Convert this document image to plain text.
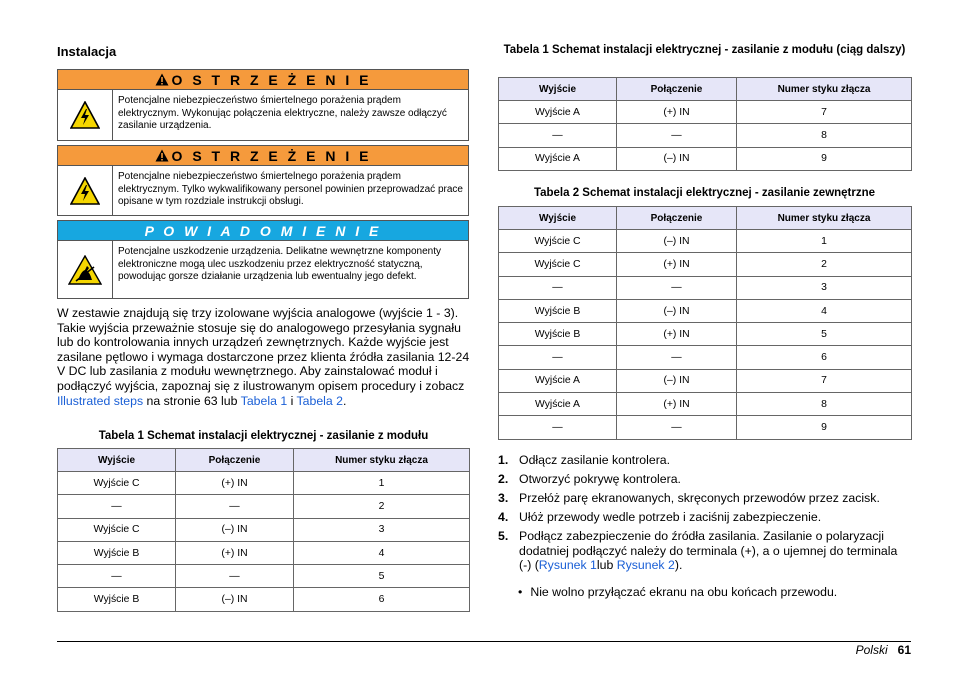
Instalacja
O S T R Z E Ż E N I E
Potencjalne niebezpieczeństwo śmiertelnego porażenia prądem elektrycznym. Wykonując połączenia elektryczne, należy zawsze odłączyć zasilanie urządzenia.
O S T R Z E Ż E N I E
Potencjalne niebezpieczeństwo śmiertelnego porażenia prądem elektrycznym. Tylko wykwalifikowany personel powinien przeprowadzać prace opisane w tym rozdziale instrukcji obsługi.
P O W I A D O M I E N I E
Potencjalne uszkodzenie urządzenia. Delikatne wewnętrzne komponenty elektroniczne mogą ulec uszkodzeniu przez elektryczność statyczną, powodując gorsze działanie urządzenia lub ewentualny jego defekt.

W zestawie znajdują się trzy izolowane wyjścia analogowe (wyjście 1 - 3). Takie wyjścia przeważnie stosuje się do analogowego przesyłania sygnału lub do kontrolowania innych urządzeń zewnętrznych. Każde wyjście jest zasilane pętlowo i wymaga dostarczone przez klienta źródła zasilania 12-24 V DC lub zasilania z modułu wewnętrznego. Aby zainstalować moduł i podłączyć wyjścia, zapoznaj się z ilustrowanym opisem procedury i zobacz Illustrated steps na stronie 63 lub Tabela 1 i Tabela 2.

Tabela 1 Schemat instalacji elektrycznej - zasilanie z modułu

Wyjście	Połączenie	Numer styku złącza
Wyjście C	(+) IN	1
—	—	2
Wyjście C	(–) IN	3
Wyjście B	(+) IN	4
—	—	5
Wyjście B	(–) IN	6

Tabela 1 Schemat instalacji elektrycznej - zasilanie z modułu (ciąg dalszy)

Wyjście	Połączenie	Numer styku złącza
Wyjście A	(+) IN	7
—	—	8
Wyjście A	(–) IN	9

Tabela 2 Schemat instalacji elektrycznej - zasilanie zewnętrzne

Wyjście	Połączenie	Numer styku złącza
Wyjście C	(–) IN	1
Wyjście C	(+) IN	2
—	—	3
Wyjście B	(–) IN	4
Wyjście B	(+) IN	5
—	—	6
Wyjście A	(–) IN	7
Wyjście A	(+) IN	8
—	—	9
1. Odłącz zasilanie kontrolera.
2. Otworzyć pokrywę kontrolera.
3. Przełóż parę ekranowanych, skręconych przewodów przez zacisk.
4. Ułóż przewody wedle potrzeb i zaciśnij zabezpieczenie.
5. Podłącz zabezpieczenie do źródła zasilania. Zasilanie o polaryzacji dodatniej podłączyć należy do terminala (+), a o ujemnej do terminala (-) (Rysunek 1lub Rysunek 2).
• Nie wolno przyłączać ekranu na obu końcach przewodu.
Polski 61
